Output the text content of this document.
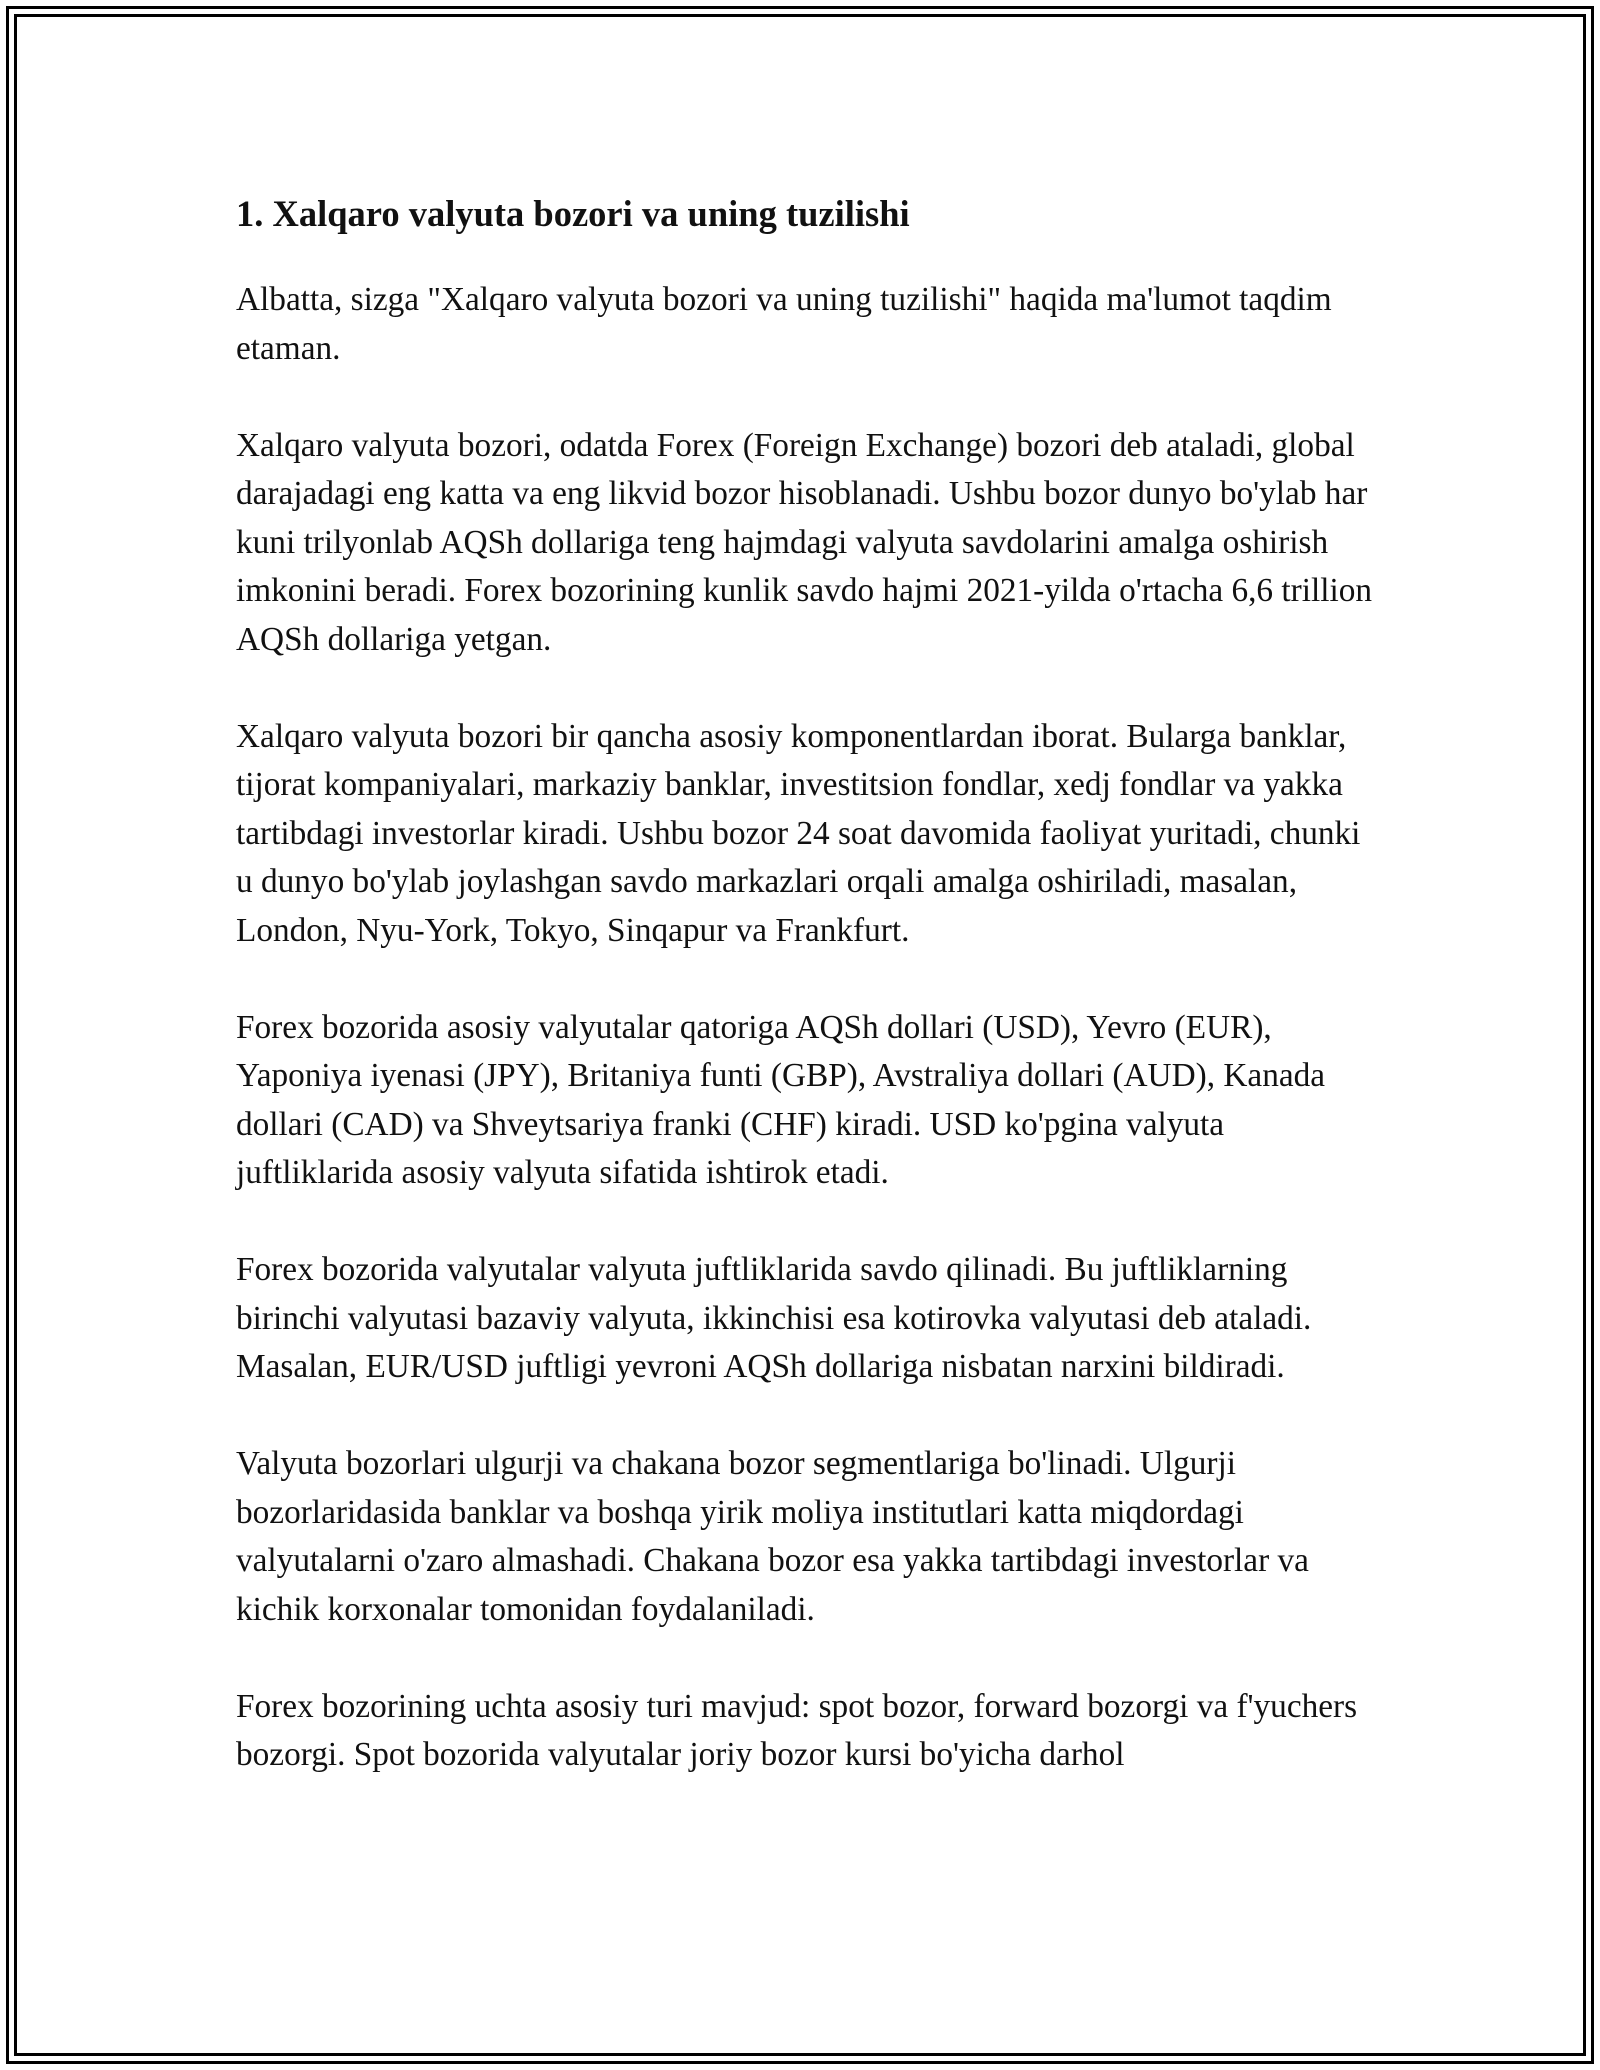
1. Xalqaro valyuta bozori va uning tuzilishi

Albatta, sizga "Xalqaro valyuta bozori va uning tuzilishi" haqida ma'lumot taqdim etaman.

Xalqaro valyuta bozori, odatda Forex (Foreign Exchange) bozori deb ataladi, global darajadagi eng katta va eng likvid bozor hisoblanadi. Ushbu bozor dunyo bo'ylab har kuni trilyonlab AQSh dollariga teng hajmdagi valyuta savdolarini amalga oshirish imkonini beradi. Forex bozorining kunlik savdo hajmi 2021-yilda o'rtacha 6,6 trillion AQSh dollariga yetgan.

Xalqaro valyuta bozori bir qancha asosiy komponentlardan iborat. Bularga banklar, tijorat kompaniyalari, markaziy banklar, investitsion fondlar, xedj fondlar va yakka tartibdagi investorlar kiradi. Ushbu bozor 24 soat davomida faoliyat yuritadi, chunki u dunyo bo'ylab joylashgan savdo markazlari orqali amalga oshiriladi, masalan, London, Nyu-York, Tokyo, Sinqapur va Frankfurt.

Forex bozorida asosiy valyutalar qatoriga AQSh dollari (USD), Yevro (EUR), Yaponiya iyenasi (JPY), Britaniya funti (GBP), Avstraliya dollari (AUD), Kanada dollari (CAD) va Shveytsariya franki (CHF) kiradi. USD ko'pgina valyuta juftliklarida asosiy valyuta sifatida ishtirok etadi.

Forex bozorida valyutalar valyuta juftliklarida savdo qilinadi. Bu juftliklarning birinchi valyutasi bazaviy valyuta, ikkinchisi esa kotirovka valyutasi deb ataladi. Masalan, EUR/USD juftligi yevroni AQSh dollariga nisbatan narxini bildiradi.

Valyuta bozorlari ulgurji va chakana bozor segmentlariga bo'linadi. Ulgurji bozorlaridasida banklar va boshqa yirik moliya institutlari katta miqdordagi valyutalarni o'zaro almashadi. Chakana bozor esa yakka tartibdagi investorlar va kichik korxonalar tomonidan foydalaniladi.

Forex bozorining uchta asosiy turi mavjud: spot bozor, forward bozorgi va f'yuchers bozorgi. Spot bozorida valyutalar joriy bozor kursi bo'yicha darhol
